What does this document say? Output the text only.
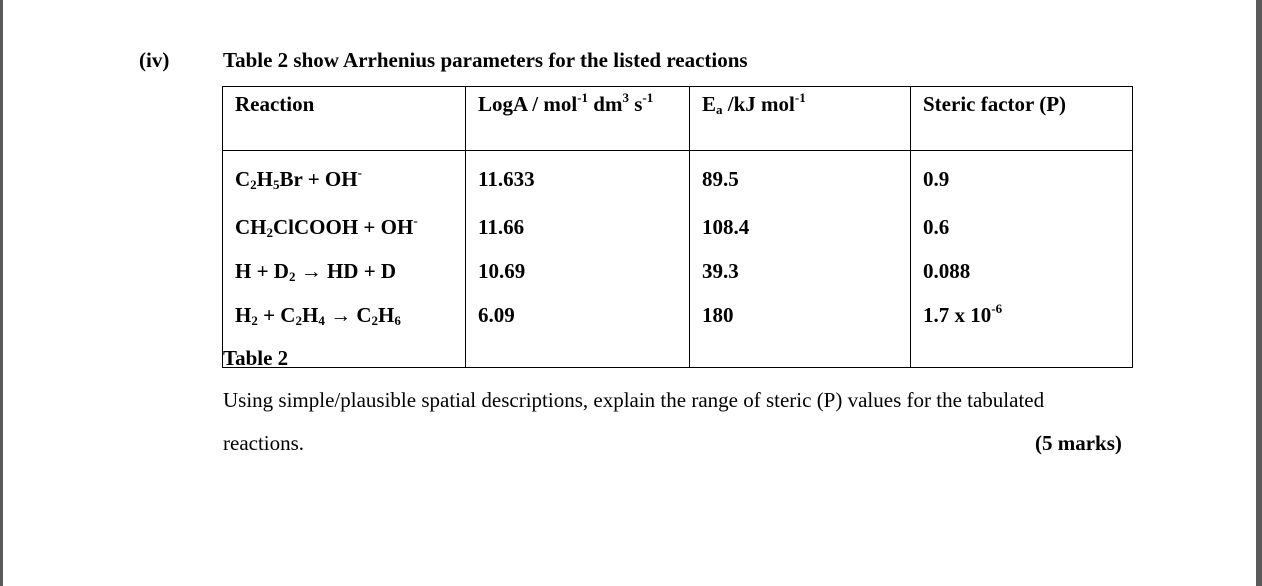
(iv)	Table 2 show Arrhenius parameters for the listed reactions
Reaction	LogA / mol$^{-1}$ $dm^3$ $s^{-1}$	$E_a$ /kJ mol$^{-1}$	Steric factor (P)
$C_2H_5Br + OH^-$	11.633	89.5	0.9
$CH_2ClCOOH + OH^-$	11.66	108.4	0.6
$H + D_2$ → HD + D	10.69	39.3	0.088
$H_2 + C_2H_4 \to C_2H_6$	6.09	180	1.7 x $10^{-6}$
Table 2
Using simple/plausible spatial descriptions, explain the range of steric (P) values for the tabulated
reactions.	(5 marks)
